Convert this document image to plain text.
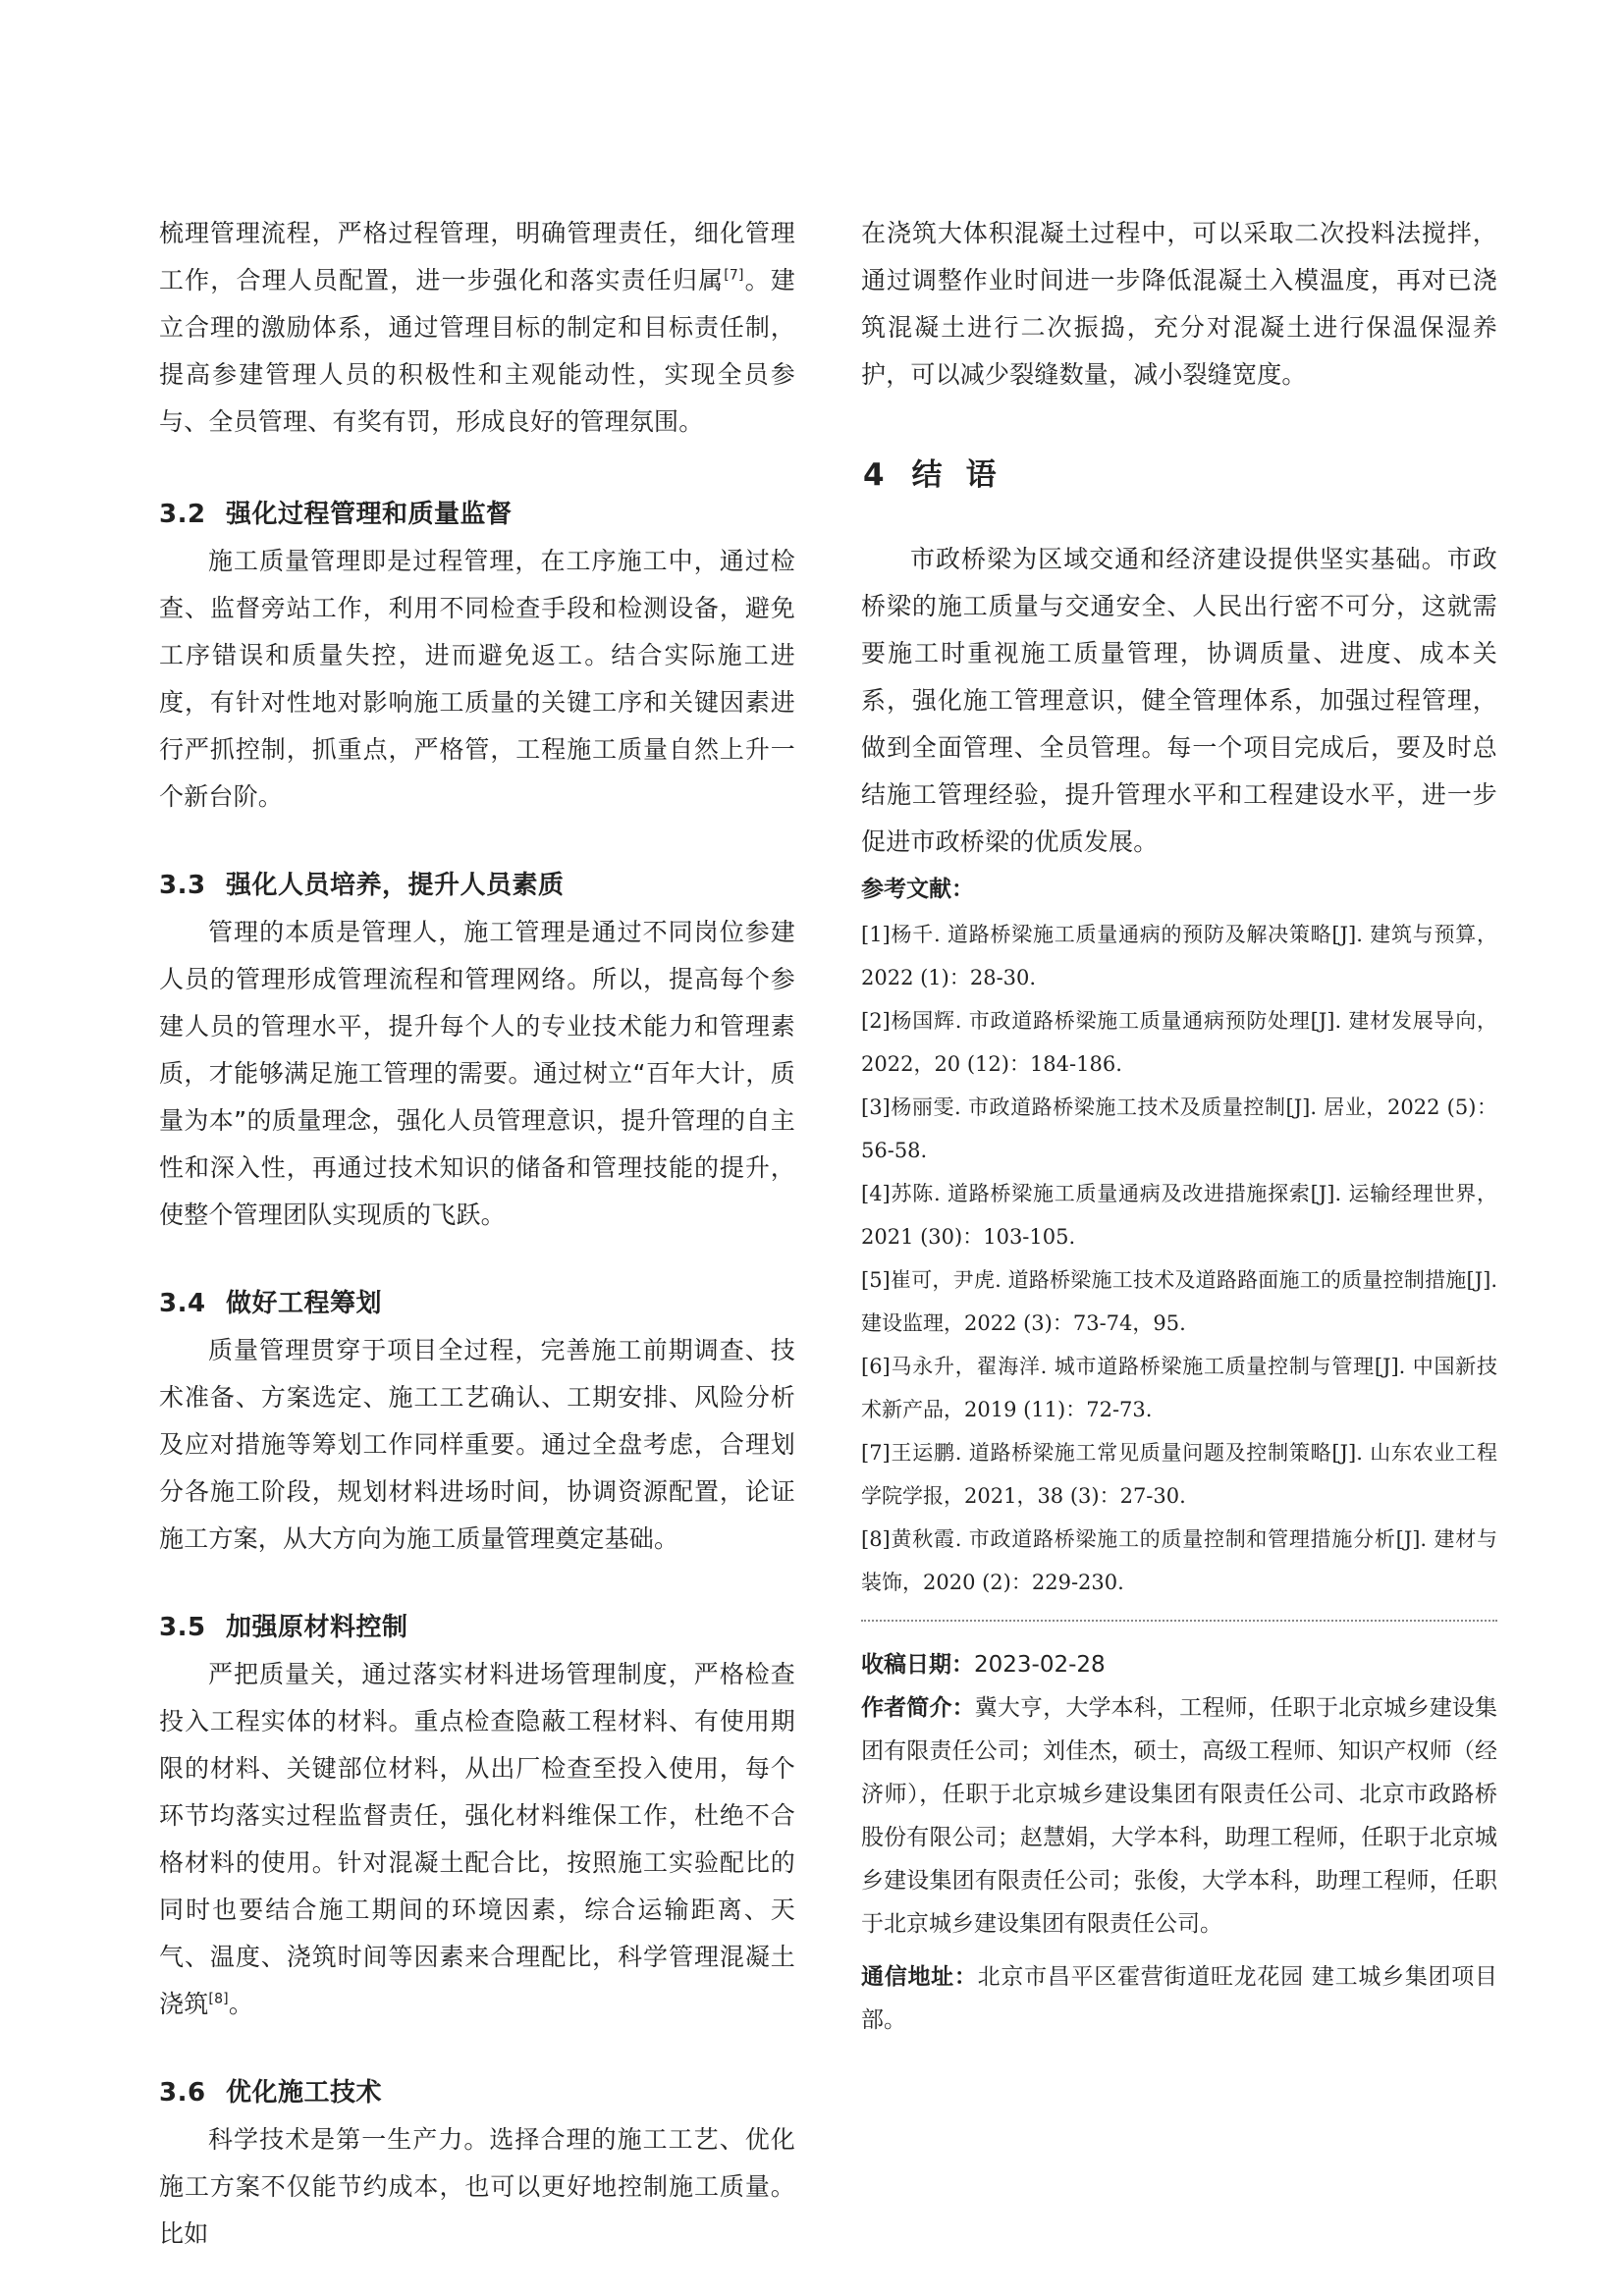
梳理管理流程，严格过程管理，明确管理责任，细化管理工作，合理人员配置，进一步强化和落实责任归属[7]。建立合理的激励体系，通过管理目标的制定和目标责任制，提高参建管理人员的积极性和主观能动性，实现全员参与、全员管理、有奖有罚，形成良好的管理氛围。

3.2 强化过程管理和质量监督

施工质量管理即是过程管理，在工序施工中，通过检查、监督旁站工作，利用不同检查手段和检测设备，避免工序错误和质量失控，进而避免返工。结合实际施工进度，有针对性地对影响施工质量的关键工序和关键因素进行严抓控制，抓重点，严格管，工程施工质量自然上升一个新台阶。

3.3 强化人员培养，提升人员素质

管理的本质是管理人，施工管理是通过不同岗位参建人员的管理形成管理流程和管理网络。所以，提高每个参建人员的管理水平，提升每个人的专业技术能力和管理素质，才能够满足施工管理的需要。通过树立“百年大计，质量为本”的质量理念，强化人员管理意识，提升管理的自主性和深入性，再通过技术知识的储备和管理技能的提升，使整个管理团队实现质的飞跃。

3.4 做好工程筹划

质量管理贯穿于项目全过程，完善施工前期调查、技术准备、方案选定、施工工艺确认、工期安排、风险分析及应对措施等筹划工作同样重要。通过全盘考虑，合理划分各施工阶段，规划材料进场时间，协调资源配置，论证施工方案，从大方向为施工质量管理奠定基础。

3.5 加强原材料控制

严把质量关，通过落实材料进场管理制度，严格检查投入工程实体的材料。重点检查隐蔽工程材料、有使用期限的材料、关键部位材料，从出厂检查至投入使用，每个环节均落实过程监督责任，强化材料维保工作，杜绝不合格材料的使用。针对混凝土配合比，按照施工实验配比的同时也要结合施工期间的环境因素，综合运输距离、天气、温度、浇筑时间等因素来合理配比，科学管理混凝土浇筑[8]。

3.6 优化施工技术

科学技术是第一生产力。选择合理的施工工艺、优化施工方案不仅能节约成本，也可以更好地控制施工质量。比如

在浇筑大体积混凝土过程中，可以采取二次投料法搅拌，通过调整作业时间进一步降低混凝土入模温度，再对已浇筑混凝土进行二次振捣，充分对混凝土进行保温保湿养护，可以减少裂缝数量，减小裂缝宽度。

4 结 语

市政桥梁为区域交通和经济建设提供坚实基础。市政桥梁的施工质量与交通安全、人民出行密不可分，这就需要施工时重视施工质量管理，协调质量、进度、成本关系，强化施工管理意识，健全管理体系，加强过程管理，做到全面管理、全员管理。每一个项目完成后，要及时总结施工管理经验，提升管理水平和工程建设水平，进一步促进市政桥梁的优质发展。

参考文献：

[1]杨千. 道路桥梁施工质量通病的预防及解决策略[J]. 建筑与预算，2022 (1)：28-30.

[2]杨国辉. 市政道路桥梁施工质量通病预防处理[J]. 建材发展导向，2022，20 (12)：184-186.

[3]杨丽雯. 市政道路桥梁施工技术及质量控制[J]. 居业，2022 (5)：56-58.

[4]苏陈. 道路桥梁施工质量通病及改进措施探索[J]. 运输经理世界，2021 (30)：103-105.

[5]崔可，尹虎. 道路桥梁施工技术及道路路面施工的质量控制措施[J]. 建设监理，2022 (3)：73-74，95.

[6]马永升，翟海洋. 城市道路桥梁施工质量控制与管理[J]. 中国新技术新产品，2019 (11)：72-73.

[7]王运鹏. 道路桥梁施工常见质量问题及控制策略[J]. 山东农业工程学院学报，2021，38 (3)：27-30.

[8]黄秋霞. 市政道路桥梁施工的质量控制和管理措施分析[J]. 建材与装饰，2020 (2)：229-230.

收稿日期：2023-02-28

作者简介：冀大亨，大学本科，工程师，任职于北京城乡建设集团有限责任公司；刘佳杰，硕士，高级工程师、知识产权师（经济师），任职于北京城乡建设集团有限责任公司、北京市政路桥股份有限公司；赵慧娟，大学本科，助理工程师，任职于北京城乡建设集团有限责任公司；张俊，大学本科，助理工程师，任职于北京城乡建设集团有限责任公司。

通信地址：北京市昌平区霍营街道旺龙花园 建工城乡集团项目部。
